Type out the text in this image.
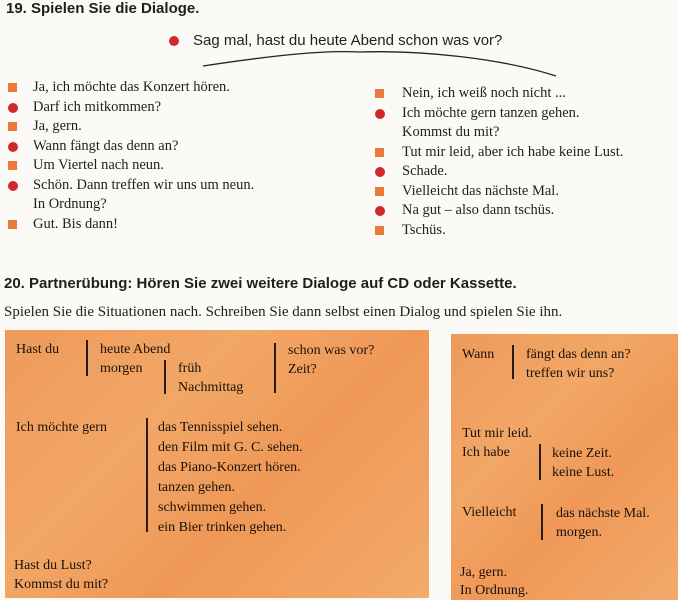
19. Spielen Sie die Dialoge.
Sag mal, hast du heute Abend schon was vor?
Ja, ich möchte das Konzert hören.
Darf ich mitkommen?
Ja, gern.
Wann fängt das denn an?
Um Viertel nach neun.
Schön. Dann treffen wir uns um neun.
In Ordnung?
Gut. Bis dann!
Nein, ich weiß noch nicht ...
Ich möchte gern tanzen gehen.
Kommst du mit?
Tut mir leid, aber ich habe keine Lust.
Schade.
Vielleicht das nächste Mal.
Na gut – also dann tschüs.
Tschüs.
20. Partnerübung: Hören Sie zwei weitere Dialoge auf CD oder Kassette.
Spielen Sie die Situationen nach. Schreiben Sie dann selbst einen Dialog und spielen Sie ihn.
Hast du	heute Abend
morgen	früh
Nachmittag
schon was vor?
Zeit?
Ich möchte gern	das Tennisspiel sehen.
den Film mit G. C. sehen.
das Piano-Konzert hören.
tanzen gehen.
schwimmen gehen.
ein Bier trinken gehen.
Hast du Lust?
Kommst du mit?
Wann fängt das denn an?
treffen wir uns?
Tut mir leid.
Ich habe	keine Zeit.
keine Lust.
Vielleicht	das nächste Mal.
morgen.
Ja, gern.
In Ordnung.
